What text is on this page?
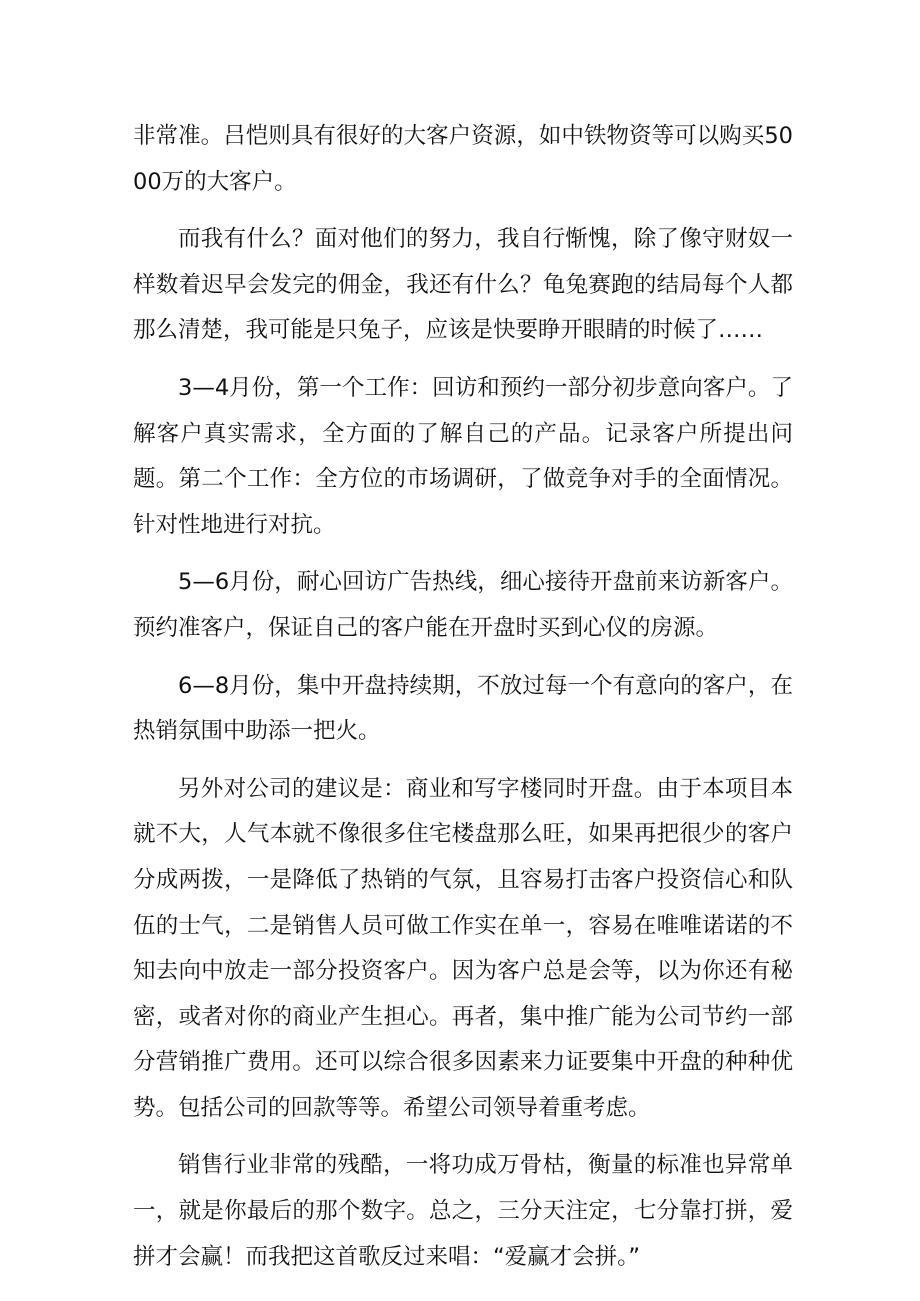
非常准。吕恺则具有很好的大客户资源，如中铁物资等可以购买5000万的大客户。

而我有什么？面对他们的努力，我自行惭愧，除了像守财奴一样数着迟早会发完的佣金，我还有什么？龟兔赛跑的结局每个人都那么清楚，我可能是只兔子，应该是快要睁开眼睛的时候了……

3—4月份，第一个工作：回访和预约一部分初步意向客户。了解客户真实需求，全方面的了解自己的产品。记录客户所提出问题。第二个工作：全方位的市场调研，了做竞争对手的全面情况。针对性地进行对抗。

5—6月份，耐心回访广告热线，细心接待开盘前来访新客户。预约准客户，保证自己的客户能在开盘时买到心仪的房源。

6—8月份，集中开盘持续期，不放过每一个有意向的客户，在热销氛围中助添一把火。

另外对公司的建议是：商业和写字楼同时开盘。由于本项目本就不大，人气本就不像很多住宅楼盘那么旺，如果再把很少的客户分成两拨，一是降低了热销的气氛，且容易打击客户投资信心和队伍的士气，二是销售人员可做工作实在单一，容易在唯唯诺诺的不知去向中放走一部分投资客户。因为客户总是会等，以为你还有秘密，或者对你的商业产生担心。再者，集中推广能为公司节约一部分营销推广费用。还可以综合很多因素来力证要集中开盘的种种优势。包括公司的回款等等。希望公司领导着重考虑。

销售行业非常的残酷，一将功成万骨枯，衡量的标准也异常单一，就是你最后的那个数字。总之，三分天注定，七分靠打拼，爱拼才会赢！而我把这首歌反过来唱：“爱赢才会拼。”
